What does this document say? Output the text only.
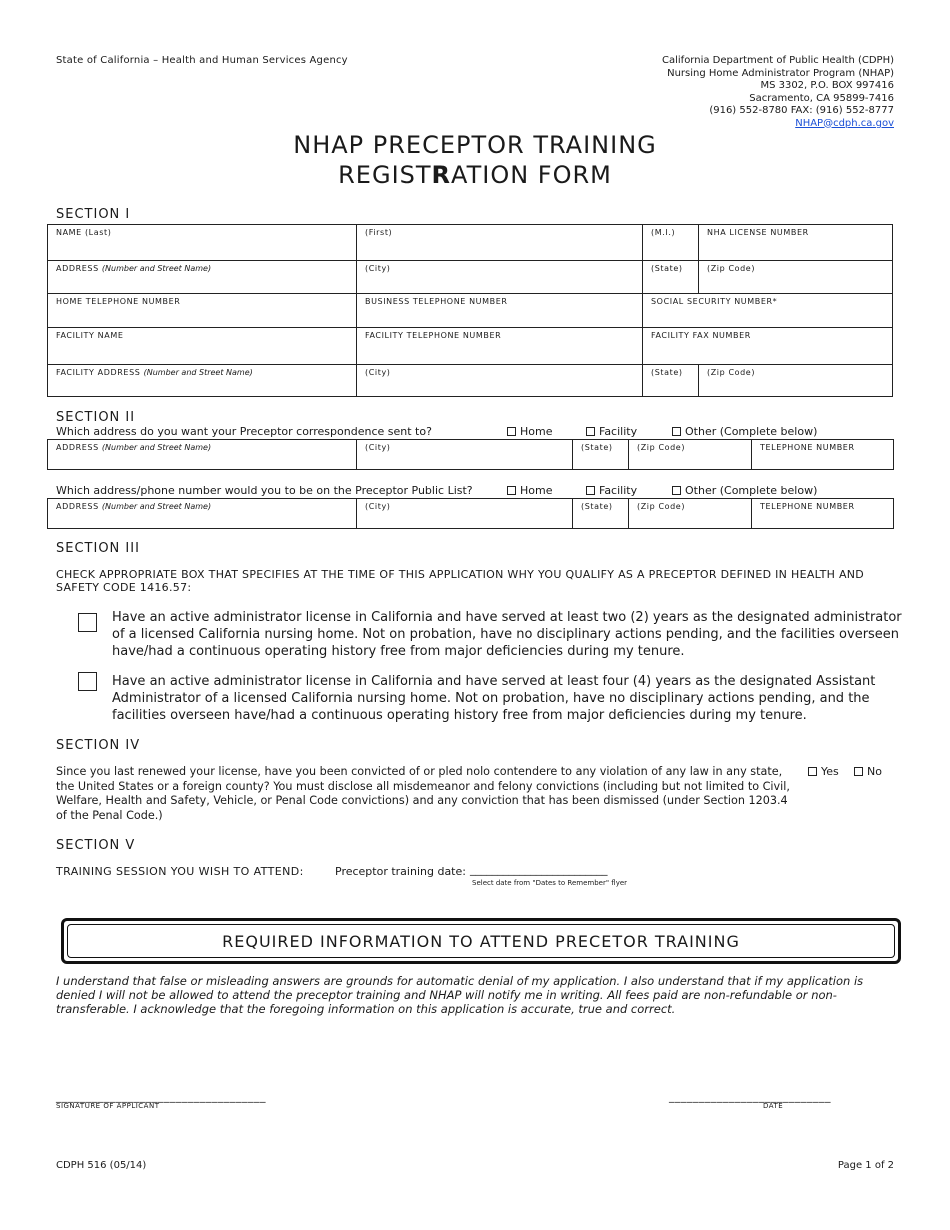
State of California – Health and Human Services Agency	California Department of Public Health (CDPH)
Nursing Home Administrator Program (NHAP)
MS 3302, P.O. BOX 997416
Sacramento, CA 95899-7416
(916) 552-8780 FAX: (916) 552-8777
NHAP@cdph.ca.gov
NHAP PRECEPTOR TRAINING
REGISTRATION FORM
SECTION I
NAME (Last)	(First)	(M.I.)	NHA LICENSE NUMBER
ADDRESS (Number and Street Name)	(City)	(State)	(Zip Code)
HOME TELEPHONE NUMBER	BUSINESS TELEPHONE NUMBER	SOCIAL SECURITY NUMBER*	
FACILITY NAME	FACILITY TELEPHONE NUMBER	FACILITY FAX NUMBER	
FACILITY ADDRESS (Number and Street Name)	(City)	(State)	(Zip Code)
SECTION II
Which address do you want your Preceptor correspondence sent to?	Home	Facility	Other (Complete below)
ADDRESS (Number and Street Name)	(City)	(State)	(Zip Code)	TELEPHONE NUMBER
Which address/phone number would you to be on the Preceptor Public List?	Home	Facility	Other (Complete below)
ADDRESS (Number and Street Name)	(City)	(State)	(Zip Code)	TELEPHONE NUMBER
SECTION III
CHECK APPROPRIATE BOX THAT SPECIFIES AT THE TIME OF THIS APPLICATION WHY YOU QUALIFY AS A PRECEPTOR DEFINED IN HEALTH AND SAFETY CODE 1416.57:
Have an active administrator license in California and have served at least two (2) years as the designated administrator of a licensed California nursing home. Not on probation, have no disciplinary actions pending, and the facilities overseen have/had a continuous operating history free from major deficiencies during my tenure.
Have an active administrator license in California and have served at least four (4) years as the designated Assistant Administrator of a licensed California nursing home. Not on probation, have no disciplinary actions pending, and the facilities overseen have/had a continuous operating history free from major deficiencies during my tenure.
SECTION IV
Since you last renewed your license, have you been convicted of or pled nolo contendere to any violation of any law in any state, the United States or a foreign county? You must disclose all misdemeanor and felony convictions (including but not limited to Civil, Welfare, Health and Safety, Vehicle, or Penal Code convictions) and any conviction that has been dismissed (under Section 1203.4 of the Penal Code.)
Yes	No
SECTION V
TRAINING SESSION YOU WISH TO ATTEND:	Preceptor training date: _________________________
Select date from "Dates to Remember" flyer
REQUIRED INFORMATION TO ATTEND PRECETOR TRAINING
I understand that false or misleading answers are grounds for automatic denial of my application. I also understand that if my application is denied I will not be allowed to attend the preceptor training and NHAP will notify me in writing. All fees paid are non-refundable or non-transferable. I acknowledge that the foregoing information on this application is accurate, true and correct.
___________________________________
SIGNATURE OF APPLICANT
___________________________
DATE
CDPH 516 (05/14)	Page 1 of 2
